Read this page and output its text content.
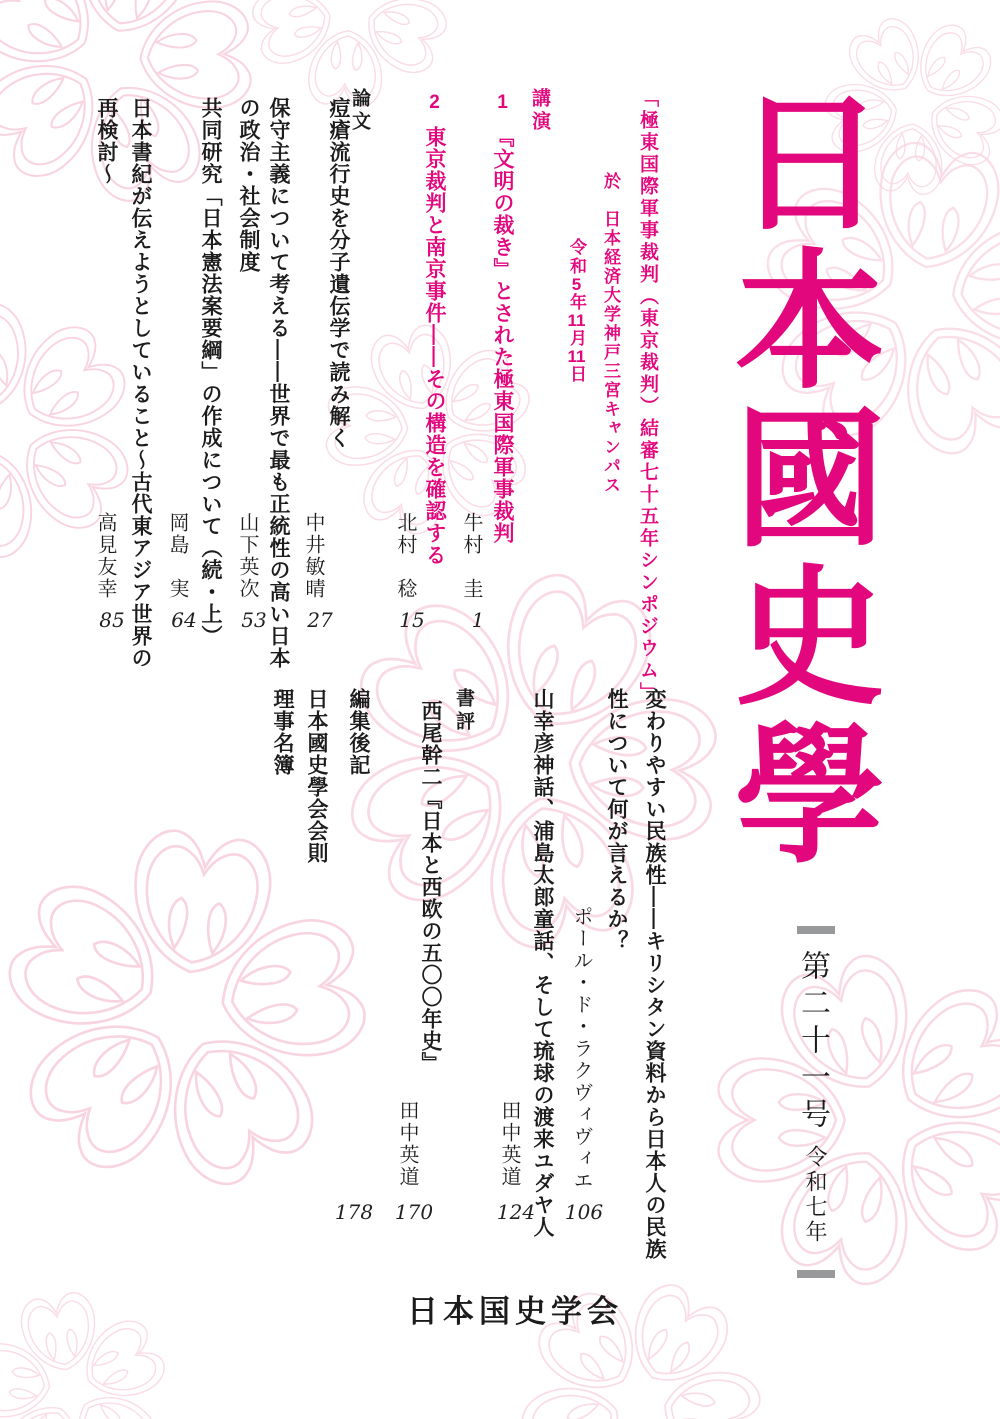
日本國史學
「極東国際軍事裁判（東京裁判）結審七十五年シンポジウム」
於　日本経済大学神戸三宮キャンパス
令和5年11月11日
講演
1『文明の裁き』とされた極東国際軍事裁判
牛村　圭
1
2東京裁判と南京事件——その構造を確認する
北村　稔
15
論文
痘瘡流行史を分子遺伝学で読み解く
中井敏晴
27
保守主義について考える——世界で最も正統性の高い日本
の政治・社会制度
山下英次
53
共同研究「日本憲法案要綱」の作成について（続・上）
岡島　実
64
日本書紀が伝えようとしていること～古代東アジア世界の
再検討～
高見友幸
85
変わりやすい民族性——キリシタン資料から日本人の民族
性について何が言えるか？
ポール・ド・ラクヴィヴィエ
106
山幸彦神話、浦島太郎童話、そして琉球の渡来ユダヤ人
田中英道
124
書評
西尾幹二『日本と西欧の五〇〇年史』
田中英道
170
編集後記
178
日本國史學会会則
理事名簿
第二十一号
令和七年
日本国史学会
